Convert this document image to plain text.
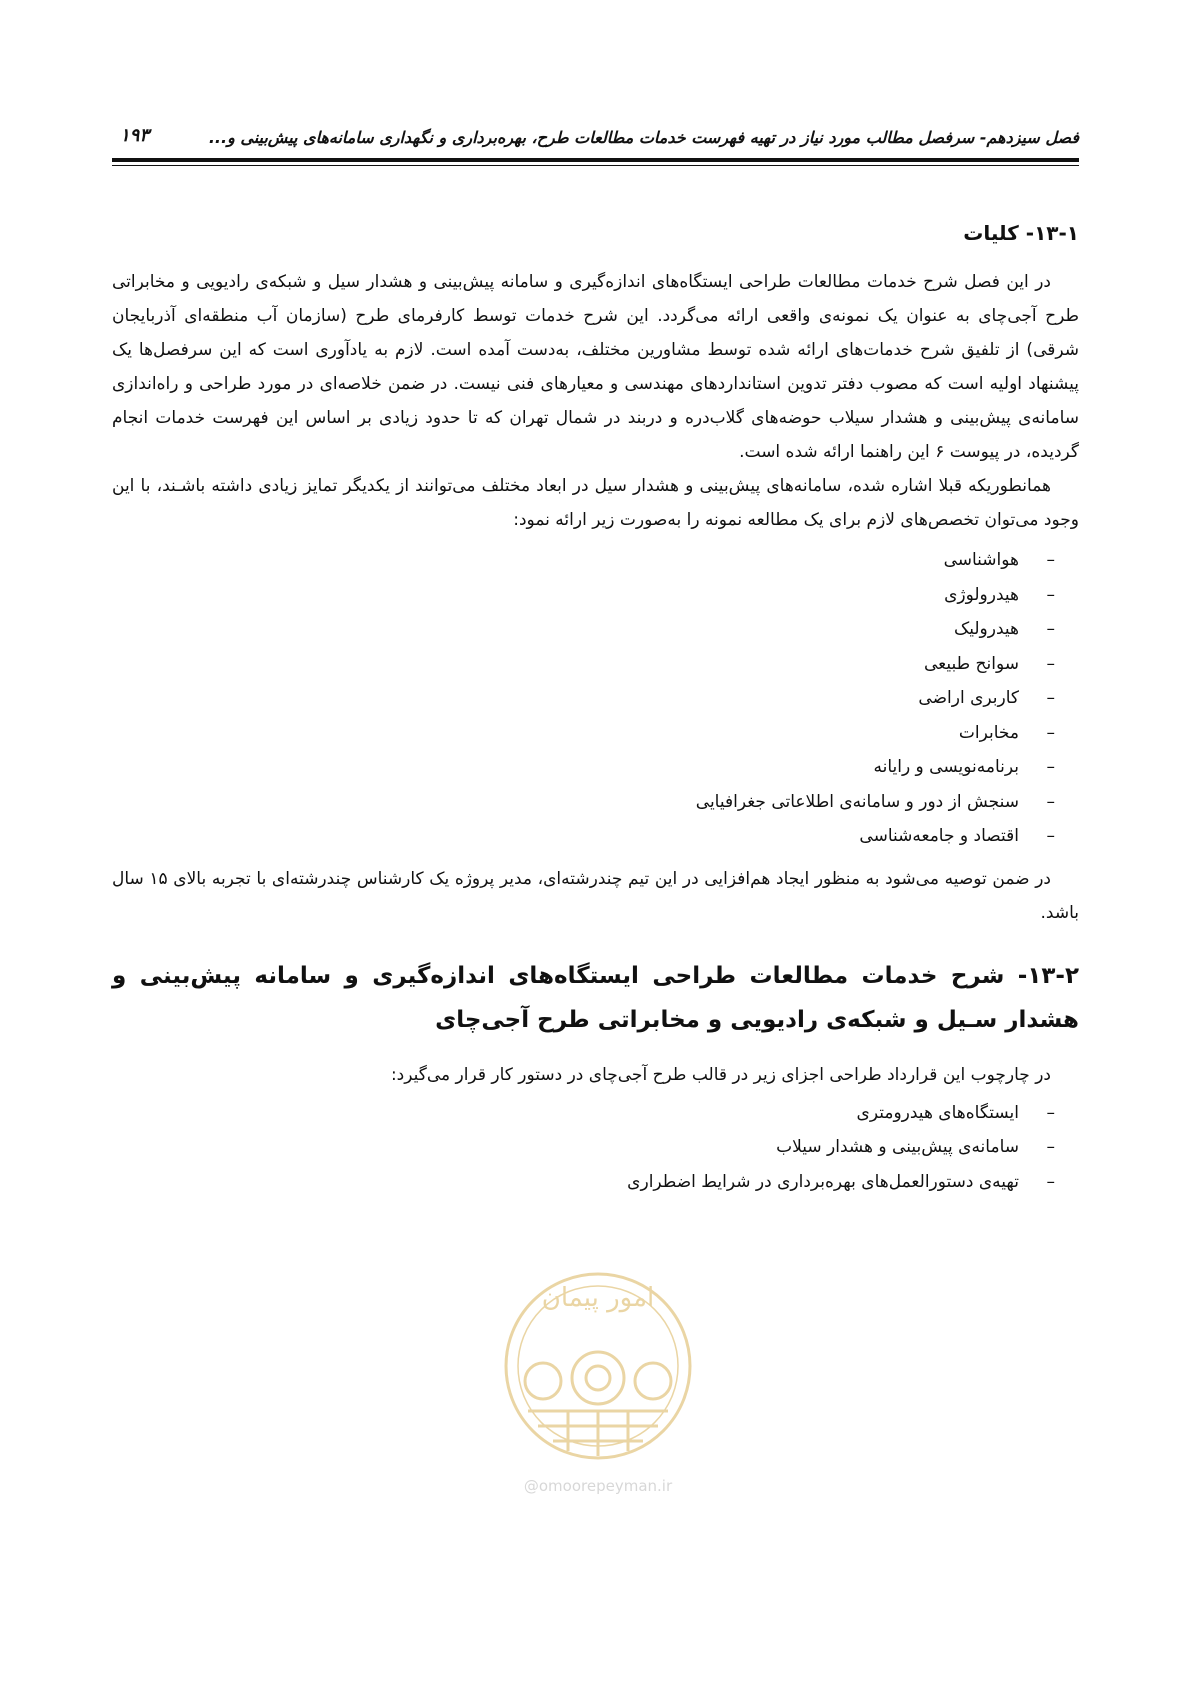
فصل سیزدهم- سرفصل مطالب مورد نیاز در تهیه فهرست خدمات مطالعات طرح، بهره‌برداری و نگهداری سامانه‌های پیش‌بینی و...
۱۹۳
۱۳-۱- کلیات

در این فصل شرح خدمات مطالعات طراحی ایستگاه‌های اندازه‌گیری و سامانه پیش‌بینی و هشدار سیل و شبکه‌ی رادیویی و مخابراتی طرح آجی‌چای به عنوان یک نمونه‌ی واقعی ارائه می‌گردد. این شرح خدمات توسط کارفرمای طرح (سازمان آب منطقه‌ای آذربایجان شرقی) از تلفیق شرح خدمات‌های ارائه شده توسط مشاورین مختلف، به‌دست آمده است. لازم به یادآوری است که این سرفصل‌ها یک پیشنهاد اولیه است که مصوب دفتر تدوین استانداردهای مهندسی و معیارهای فنی نیست. در ضمن خلاصه‌ای در مورد طراحی و راه‌اندازی سامانه‌ی پیش‌بینی و هشدار سیلاب حوضه‌های گلاب‌دره و دربند در شمال تهران که تا حدود زیادی بر اساس این فهرست خدمات انجام گردیده، در پیوست ۶ این راهنما ارائه شده است.

همانطوریکه قبلا اشاره شده، سامانه‌های پیش‌بینی و هشدار سیل در ابعاد مختلف می‌توانند از یکدیگر تمایز زیادی داشته باشـند، با این وجود می‌توان تخصص‌های لازم برای یک مطالعه نمونه را به‌صورت زیر ارائه نمود:

–هواشناسی
–هیدرولوژی
–هیدرولیک
–سوانح طبیعی
–کاربری اراضی
–مخابرات
–برنامه‌نویسی و رایانه
–سنجش از دور و سامانه‌ی اطلاعاتی جغرافیایی
–اقتصاد و جامعه‌شناسی

در ضمن توصیه می‌شود به منظور ایجاد هم‌افزایی در این تیم چندرشته‌ای، مدیر پروژه یک کارشناس چندرشته‌ای با تجربه بالای ۱۵ سال باشد.

۱۳-۲- شرح خدمات مطالعات طراحی ایستگاه‌های اندازه‌گیری و سامانه پیش‌بینی و هشدار سـیل و شبکه‌ی رادیویی و مخابراتی طرح آجی‌چای

در چارچوب این قرارداد طراحی اجزای زیر در قالب طرح آجی‌چای در دستور کار قرار می‌گیرد:

–ایستگاه‌های هیدرومتری
–سامانه‌ی پیش‌بینی و هشدار سیلاب
–تهیه‌ی دستورالعمل‌های بهره‌برداری در شرایط اضطراری
امور پیمان
@omoorepeyman.ir
